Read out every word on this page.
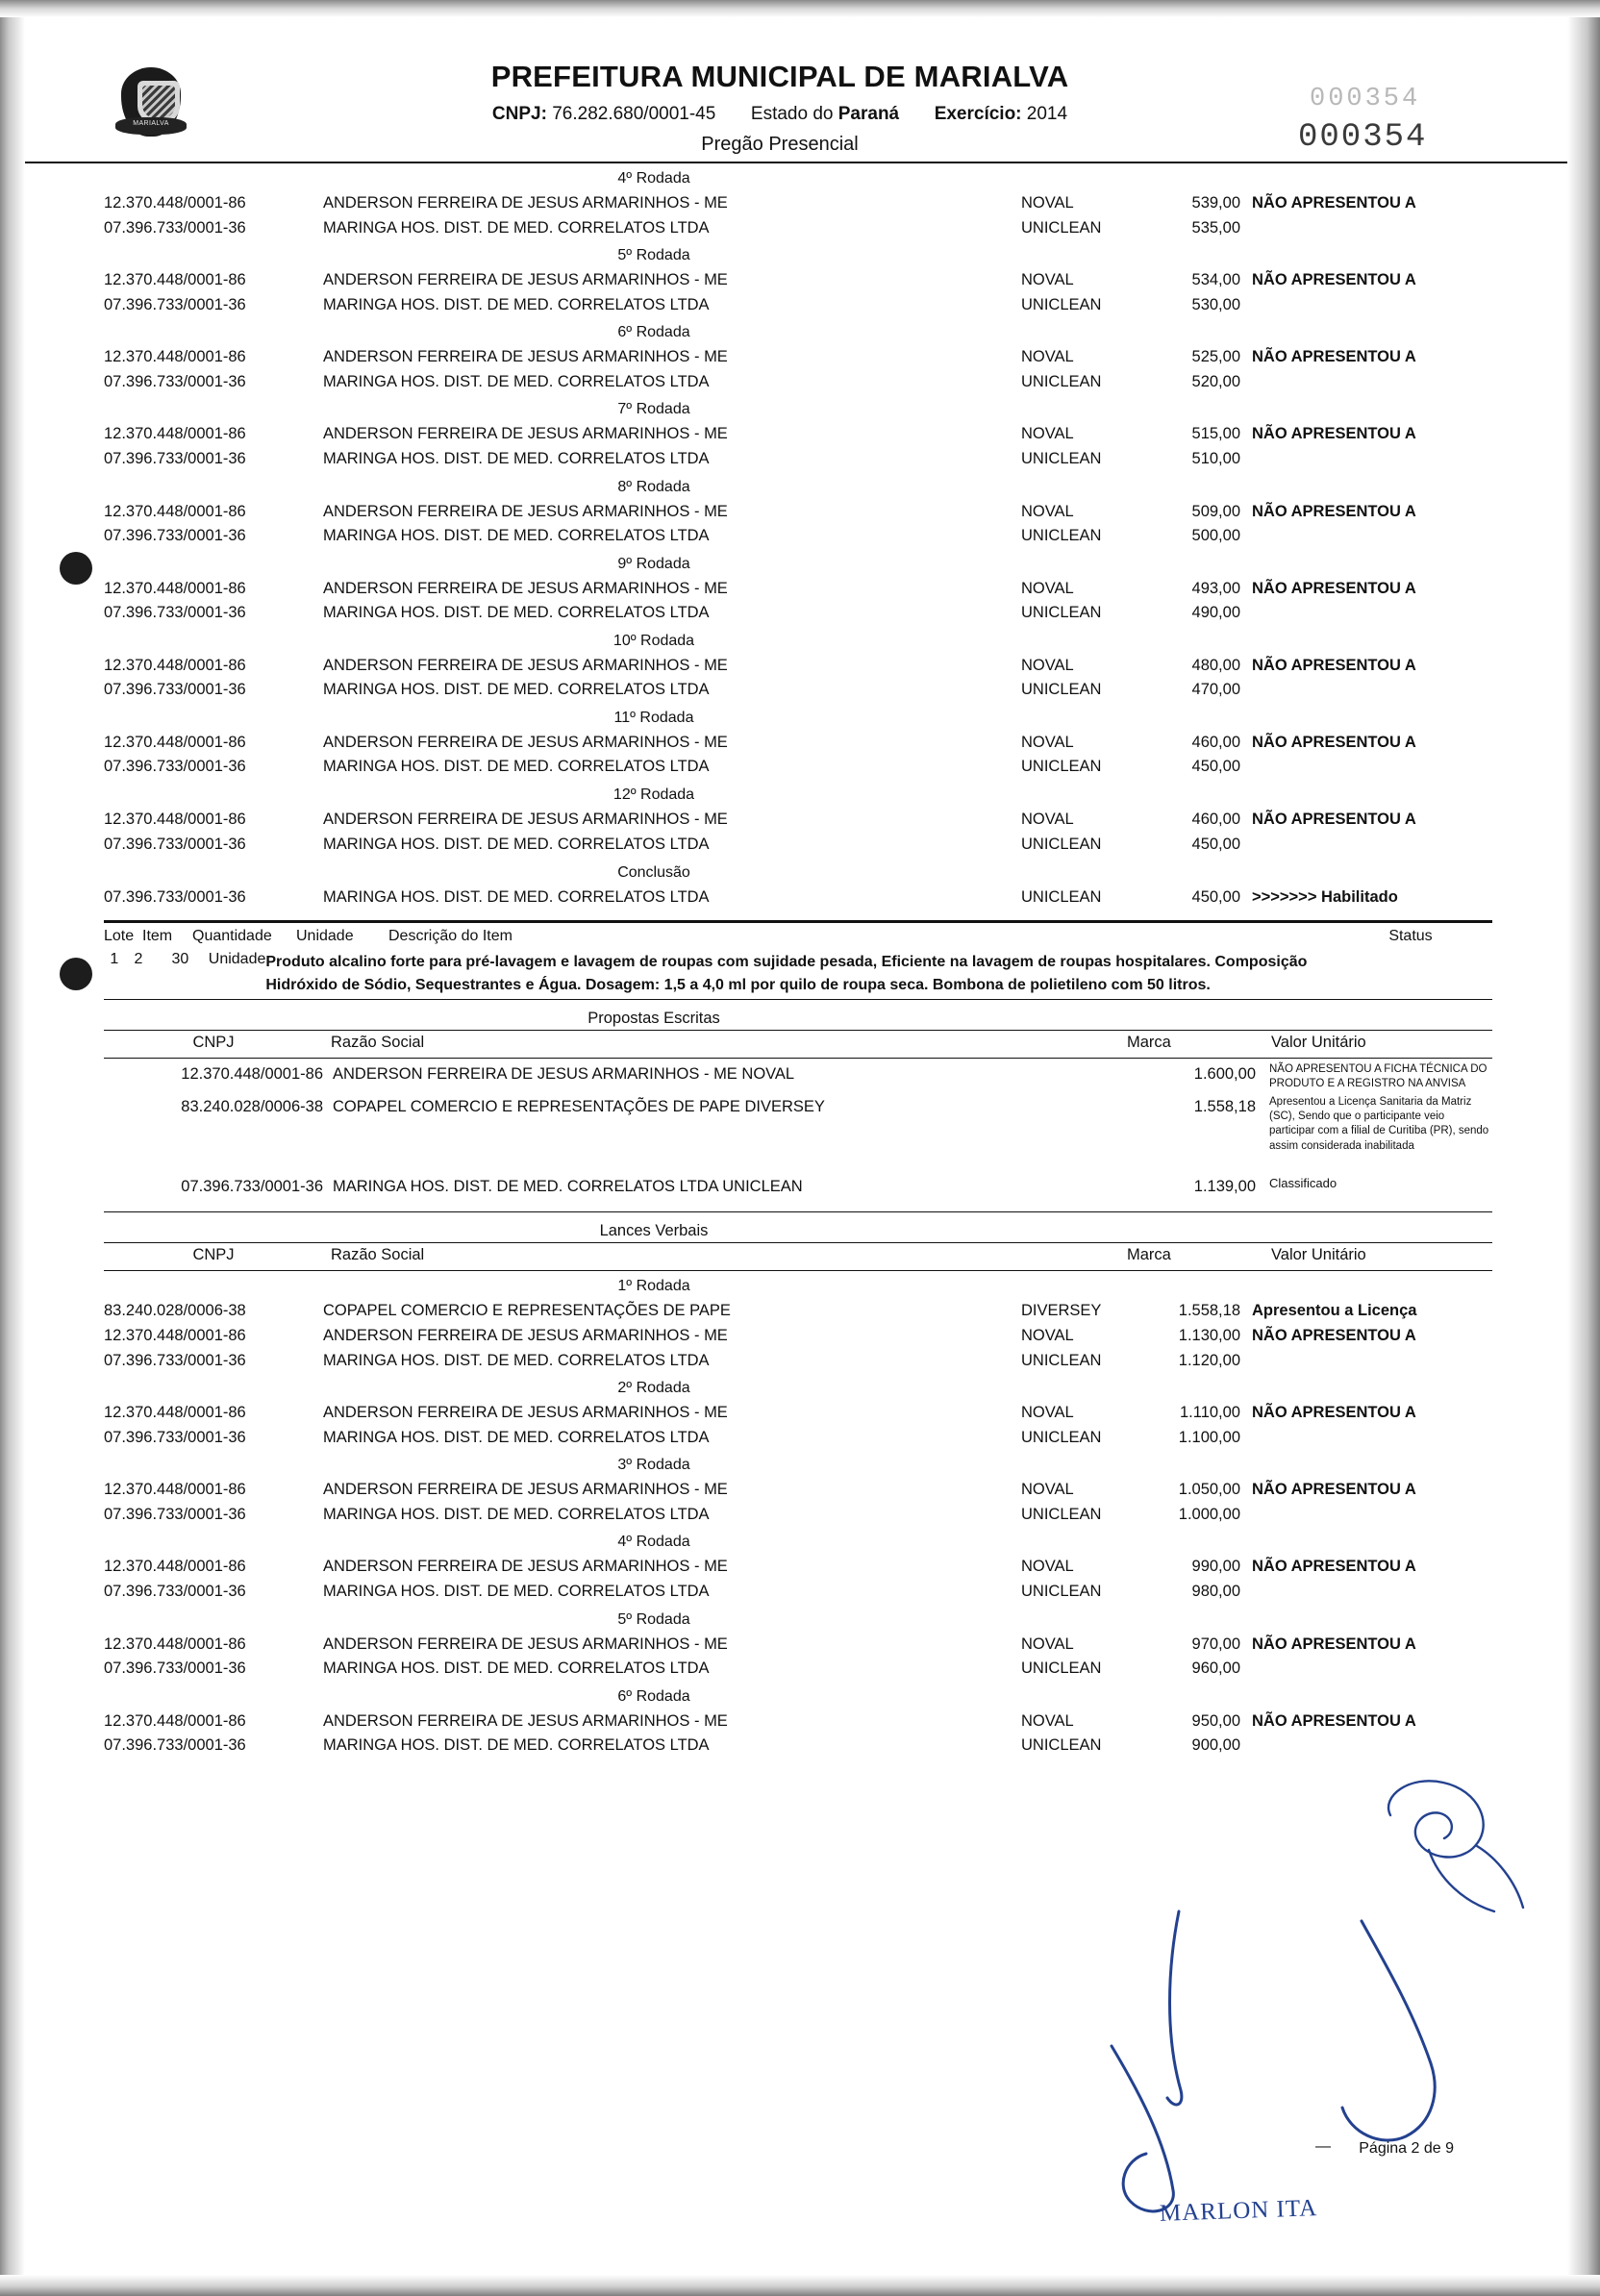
MARIALVA
PREFEITURA MUNICIPAL DE MARIALVA
CNPJ: 76.282.680/0001-45 Estado do Paraná Exercício: 2014
Pregão Presencial
000354
000354
4º Rodada
12.370.448/0001-86	ANDERSON FERREIRA DE JESUS ARMARINHOS - ME	NOVAL	539,00 NÃO APRESENTOU A
07.396.733/0001-36	MARINGA HOS. DIST. DE MED. CORRELATOS LTDA	UNICLEAN	535,00
5º Rodada
12.370.448/0001-86	ANDERSON FERREIRA DE JESUS ARMARINHOS - ME	NOVAL	534,00 NÃO APRESENTOU A
07.396.733/0001-36	MARINGA HOS. DIST. DE MED. CORRELATOS LTDA	UNICLEAN	530,00
6º Rodada
12.370.448/0001-86	ANDERSON FERREIRA DE JESUS ARMARINHOS - ME	NOVAL	525,00 NÃO APRESENTOU A
07.396.733/0001-36	MARINGA HOS. DIST. DE MED. CORRELATOS LTDA	UNICLEAN	520,00
7º Rodada
12.370.448/0001-86	ANDERSON FERREIRA DE JESUS ARMARINHOS - ME	NOVAL	515,00 NÃO APRESENTOU A
07.396.733/0001-36	MARINGA HOS. DIST. DE MED. CORRELATOS LTDA	UNICLEAN	510,00
8º Rodada
12.370.448/0001-86	ANDERSON FERREIRA DE JESUS ARMARINHOS - ME	NOVAL	509,00 NÃO APRESENTOU A
07.396.733/0001-36	MARINGA HOS. DIST. DE MED. CORRELATOS LTDA	UNICLEAN	500,00
9º Rodada
12.370.448/0001-86	ANDERSON FERREIRA DE JESUS ARMARINHOS - ME	NOVAL	493,00 NÃO APRESENTOU A
07.396.733/0001-36	MARINGA HOS. DIST. DE MED. CORRELATOS LTDA	UNICLEAN	490,00
10º Rodada
12.370.448/0001-86	ANDERSON FERREIRA DE JESUS ARMARINHOS - ME	NOVAL	480,00 NÃO APRESENTOU A
07.396.733/0001-36	MARINGA HOS. DIST. DE MED. CORRELATOS LTDA	UNICLEAN	470,00
11º Rodada
12.370.448/0001-86	ANDERSON FERREIRA DE JESUS ARMARINHOS - ME	NOVAL	460,00 NÃO APRESENTOU A
07.396.733/0001-36	MARINGA HOS. DIST. DE MED. CORRELATOS LTDA	UNICLEAN	450,00
12º Rodada
12.370.448/0001-86	ANDERSON FERREIRA DE JESUS ARMARINHOS - ME	NOVAL	460,00 NÃO APRESENTOU A
07.396.733/0001-36	MARINGA HOS. DIST. DE MED. CORRELATOS LTDA	UNICLEAN	450,00
Conclusão
07.396.733/0001-36	MARINGA HOS. DIST. DE MED. CORRELATOS LTDA	UNICLEAN	450,00 >>>>>>> Habilitado
Lote Item	Quantidade	Unidade	Descrição do Item	Status
1	2	30	Unidade Produto alcalino forte para pré-lavagem e lavagem de roupas com sujidade pesada, Eficiente na lavagem de roupas hospitalares. Composição Hidróxido de Sódio, Sequestrantes e Água. Dosagem: 1,5 a 4,0 ml por quilo de roupa seca. Bombona de polietileno com 50 litros.
Propostas Escritas
CNPJ	Razão Social	Marca	Valor Unitário
12.370.448/0001-86 ANDERSON FERREIRA DE JESUS ARMARINHOS - ME NOVAL	1.600,00	NÃO APRESENTOU A FICHA TÉCNICA DO PRODUTO E A REGISTRO NA ANVISA
83.240.028/0006-38 COPAPEL COMERCIO E REPRESENTAÇÕES DE PAPE DIVERSEY	1.558,18	Apresentou a Licença Sanitaria da Matriz (SC), Sendo que o participante veio participar com a filial de Curitiba (PR), sendo assim considerada inabilitada
07.396.733/0001-36 MARINGA HOS. DIST. DE MED. CORRELATOS LTDA UNICLEAN	1.139,00	Classificado
Lances Verbais
CNPJ	Razão Social	Marca	Valor Unitário
1º Rodada
83.240.028/0006-38	COPAPEL COMERCIO E REPRESENTAÇÕES DE PAPE	DIVERSEY	1.558,18 Apresentou a Licença
12.370.448/0001-86	ANDERSON FERREIRA DE JESUS ARMARINHOS - ME	NOVAL	1.130,00 NÃO APRESENTOU A
07.396.733/0001-36	MARINGA HOS. DIST. DE MED. CORRELATOS LTDA	UNICLEAN	1.120,00
2º Rodada
12.370.448/0001-86	ANDERSON FERREIRA DE JESUS ARMARINHOS - ME	NOVAL	1.110,00 NÃO APRESENTOU A
07.396.733/0001-36	MARINGA HOS. DIST. DE MED. CORRELATOS LTDA	UNICLEAN	1.100,00
3º Rodada
12.370.448/0001-86	ANDERSON FERREIRA DE JESUS ARMARINHOS - ME	NOVAL	1.050,00 NÃO APRESENTOU A
07.396.733/0001-36	MARINGA HOS. DIST. DE MED. CORRELATOS LTDA	UNICLEAN	1.000,00
4º Rodada
12.370.448/0001-86	ANDERSON FERREIRA DE JESUS ARMARINHOS - ME	NOVAL	990,00 NÃO APRESENTOU A
07.396.733/0001-36	MARINGA HOS. DIST. DE MED. CORRELATOS LTDA	UNICLEAN	980,00
5º Rodada
12.370.448/0001-86	ANDERSON FERREIRA DE JESUS ARMARINHOS - ME	NOVAL	970,00 NÃO APRESENTOU A
07.396.733/0001-36	MARINGA HOS. DIST. DE MED. CORRELATOS LTDA	UNICLEAN	960,00
6º Rodada
12.370.448/0001-86	ANDERSON FERREIRA DE JESUS ARMARINHOS - ME	NOVAL	950,00 NÃO APRESENTOU A
07.396.733/0001-36	MARINGA HOS. DIST. DE MED. CORRELATOS LTDA	UNICLEAN	900,00
— Página 2 de 9
MARLON ITA
